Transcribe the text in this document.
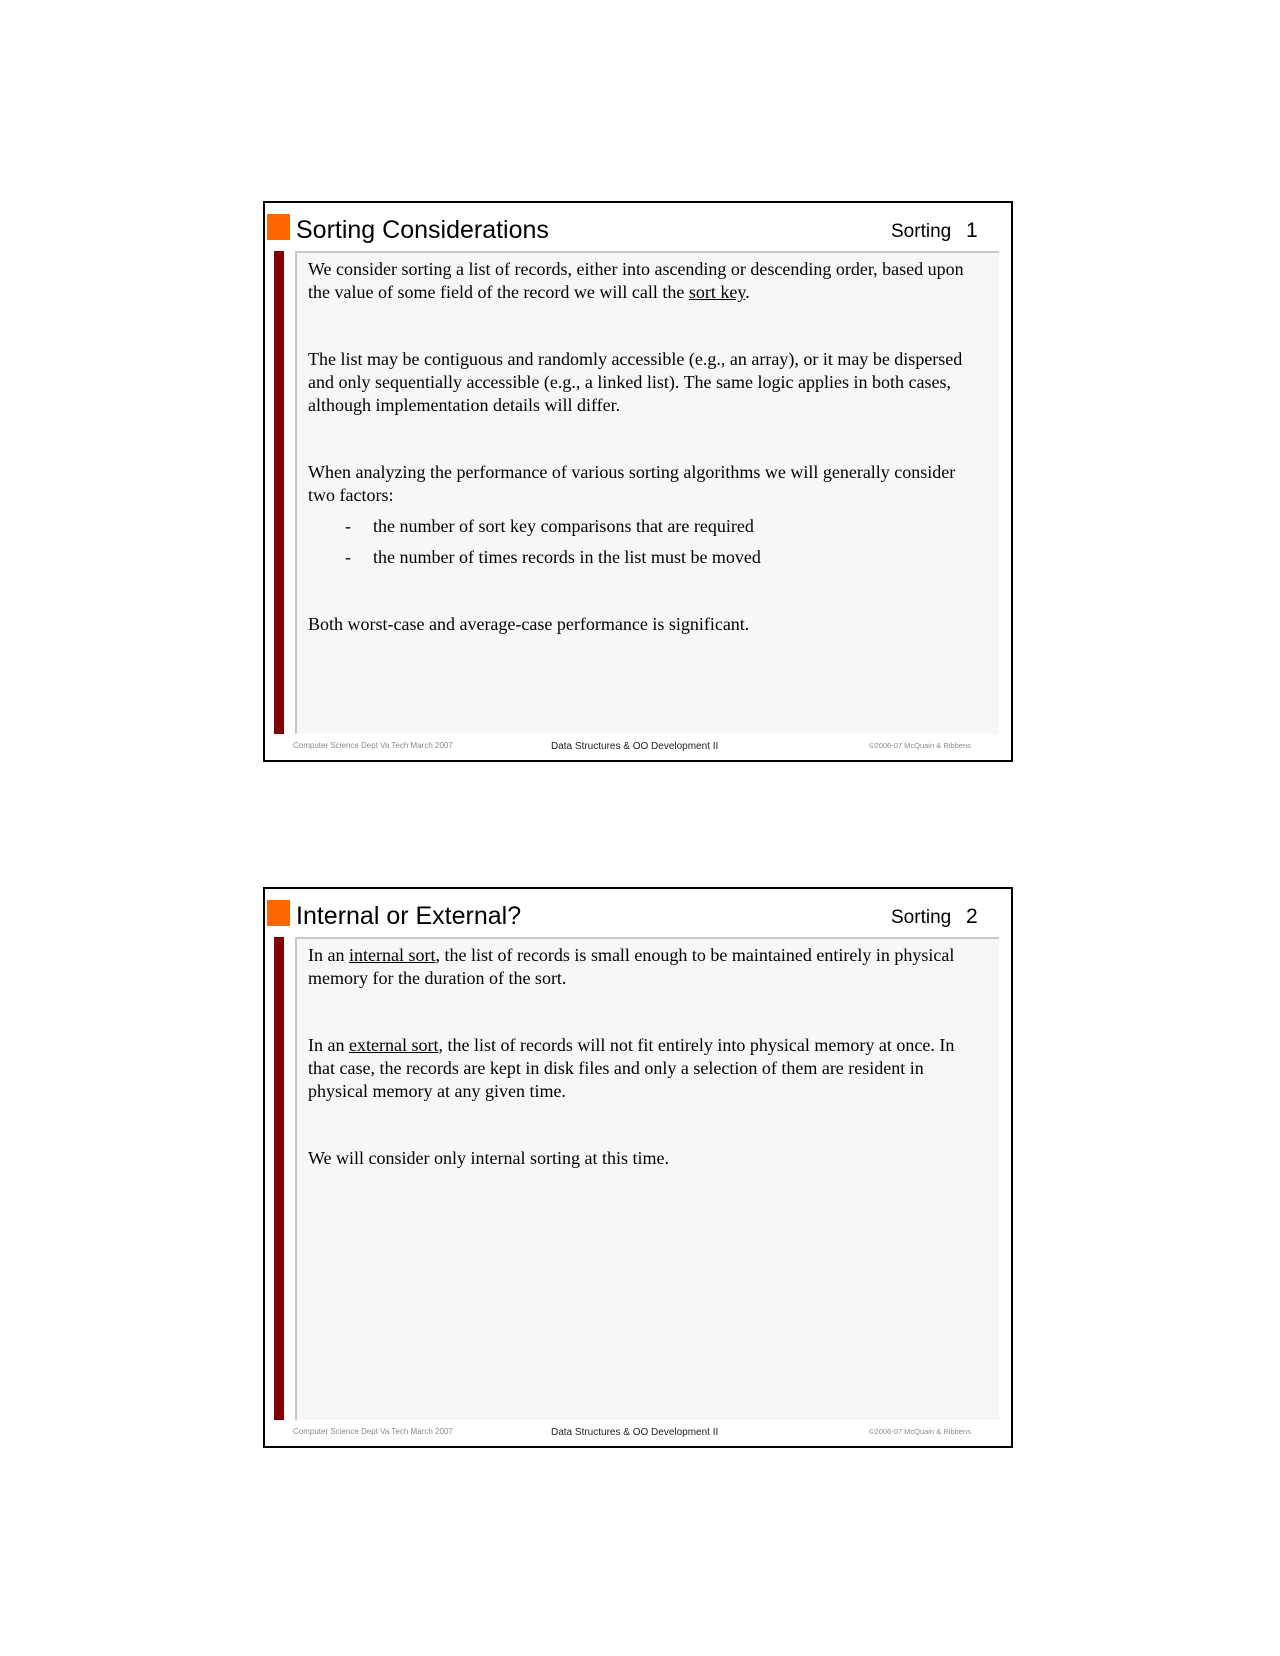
Sorting Considerations	Sorting 1

We consider sorting a list of records, either into ascending or descending order, based upon the value of some field of the record we will call the sort key.

The list may be contiguous and randomly accessible (e.g., an array), or it may be dispersed and only sequentially accessible (e.g., a linked list). The same logic applies in both cases, although implementation details will differ.

When analyzing the performance of various sorting algorithms we will generally consider two factors:

- the number of sort key comparisons that are required
- the number of times records in the list must be moved

Both worst-case and average-case performance is significant.

Computer Science Dept Va Tech March 2007	Data Structures & OO Development II	©2006-07 McQuain & Ribbens
Internal or External?	Sorting 2

In an internal sort, the list of records is small enough to be maintained entirely in physical memory for the duration of the sort.

In an external sort, the list of records will not fit entirely into physical memory at once. In that case, the records are kept in disk files and only a selection of them are resident in physical memory at any given time.

We will consider only internal sorting at this time.

Computer Science Dept Va Tech March 2007	Data Structures & OO Development II	©2006-07 McQuain & Ribbens
